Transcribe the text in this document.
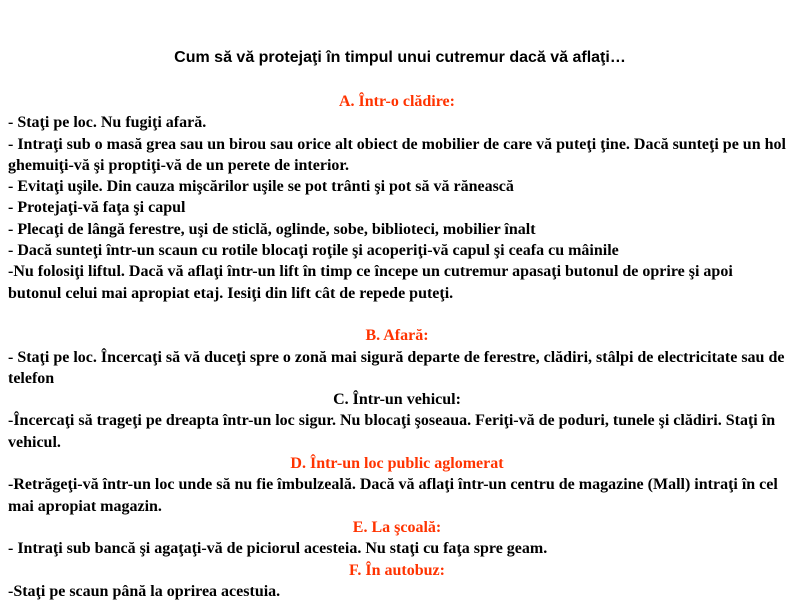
Cum să vă protejaţi în timpul unui cutremur dacă vă aflaţi…

A. Într-o clădire:

- Staţi pe loc. Nu fugiţi afară.

- Intraţi sub o masă grea sau un birou sau orice alt obiect de mobilier de care vă puteţi ţine. Dacă sunteţi pe un hol ghemuiţi-vă şi proptiţi-vă de un perete de interior.

- Evitaţi uşile. Din cauza mişcărilor uşile se pot trânti şi pot să vă rănească

- Protejaţi-vă faţa şi capul

- Plecaţi de lângă ferestre, uşi de sticlă, oglinde, sobe, biblioteci, mobilier înalt

- Dacă sunteţi într-un scaun cu rotile blocaţi roţile şi acoperiţi-vă capul şi ceafa cu mâinile

-Nu folosiţi liftul. Dacă vă aflaţi într-un lift în timp ce începe un cutremur apasaţi butonul de oprire şi apoi butonul celui mai apropiat etaj. Iesiţi din lift cât de repede puteţi.

B. Afară:

- Staţi pe loc. Încercaţi să vă duceţi spre o zonă mai sigură departe de ferestre, clădiri, stâlpi de electricitate sau de telefon

C. Într-un vehicul:

-Încercaţi să trageţi pe dreapta într-un loc sigur. Nu blocaţi şoseaua. Feriţi-vă de poduri, tunele şi clădiri. Staţi în vehicul.

D. Într-un loc public aglomerat

-Retrăgeţi-vă într-un loc unde să nu fie îmbulzeală. Dacă vă aflaţi într-un centru de magazine (Mall) intraţi în cel mai apropiat magazin.

E. La şcoală:

- Intraţi sub bancă şi agaţaţi-vă de piciorul acesteia. Nu staţi cu faţa spre geam.

F. În autobuz:

-Staţi pe scaun până la oprirea acestuia.
